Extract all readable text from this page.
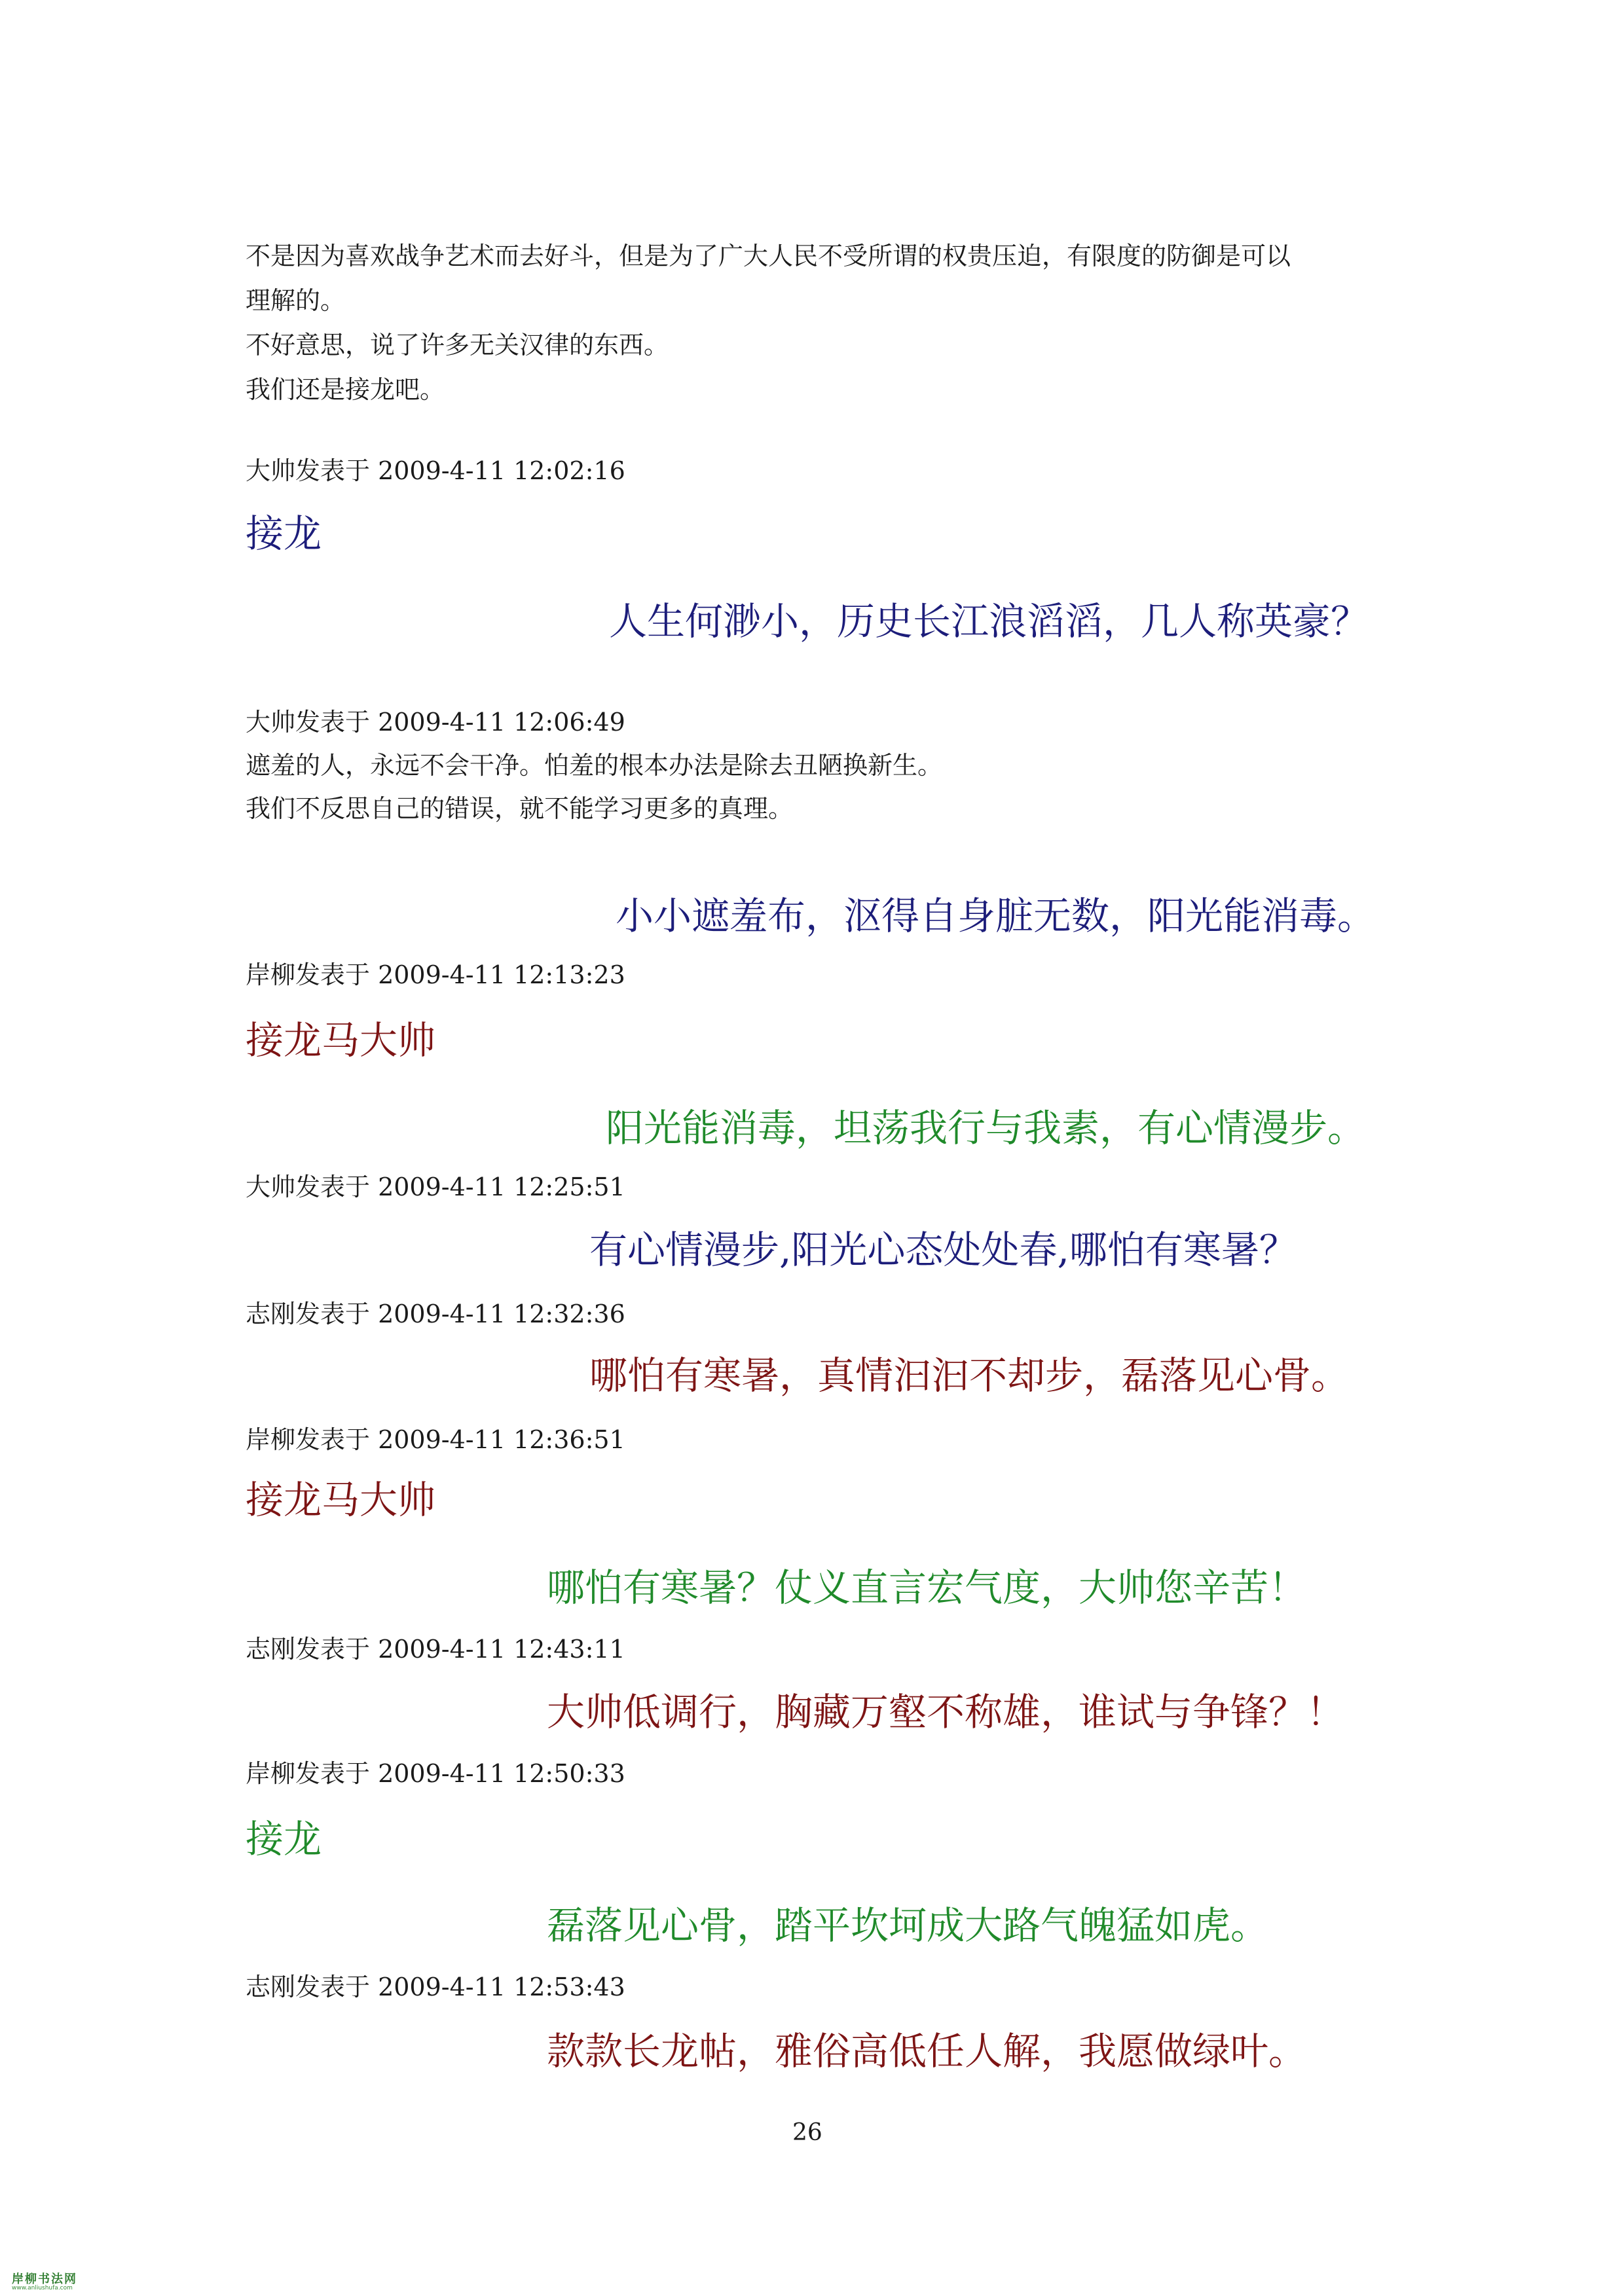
不是因为喜欢战争艺术而去好斗，但是为了广大人民不受所谓的权贵压迫，有限度的防御是可以
理解的。
不好意思，说了许多无关汉律的东西。
我们还是接龙吧。
大帅发表于 2009-4-11 12:02:16
接龙
人生何渺小，历史长江浪滔滔，几人称英豪？
大帅发表于 2009-4-11 12:06:49
遮羞的人，永远不会干净。怕羞的根本办法是除去丑陋换新生。
我们不反思自己的错误，就不能学习更多的真理。
小小遮羞布，沤得自身脏无数，阳光能消毒。
岸柳发表于 2009-4-11 12:13:23
接龙马大帅
阳光能消毒，坦荡我行与我素，有心情漫步。
大帅发表于 2009-4-11 12:25:51
有心情漫步,阳光心态处处春,哪怕有寒暑？
志刚发表于 2009-4-11 12:32:36
哪怕有寒暑，真情汩汩不却步，磊落见心骨。
岸柳发表于 2009-4-11 12:36:51
接龙马大帅
哪怕有寒暑？仗义直言宏气度，大帅您辛苦！
志刚发表于 2009-4-11 12:43:11
大帅低调行，胸藏万壑不称雄，谁试与争锋？！
岸柳发表于 2009-4-11 12:50:33
接龙
磊落见心骨，踏平坎坷成大路气魄猛如虎。
志刚发表于 2009-4-11 12:53:43
款款长龙帖，雅俗高低任人解，我愿做绿叶。
26
岸柳书法网
www.anliushufa.com
